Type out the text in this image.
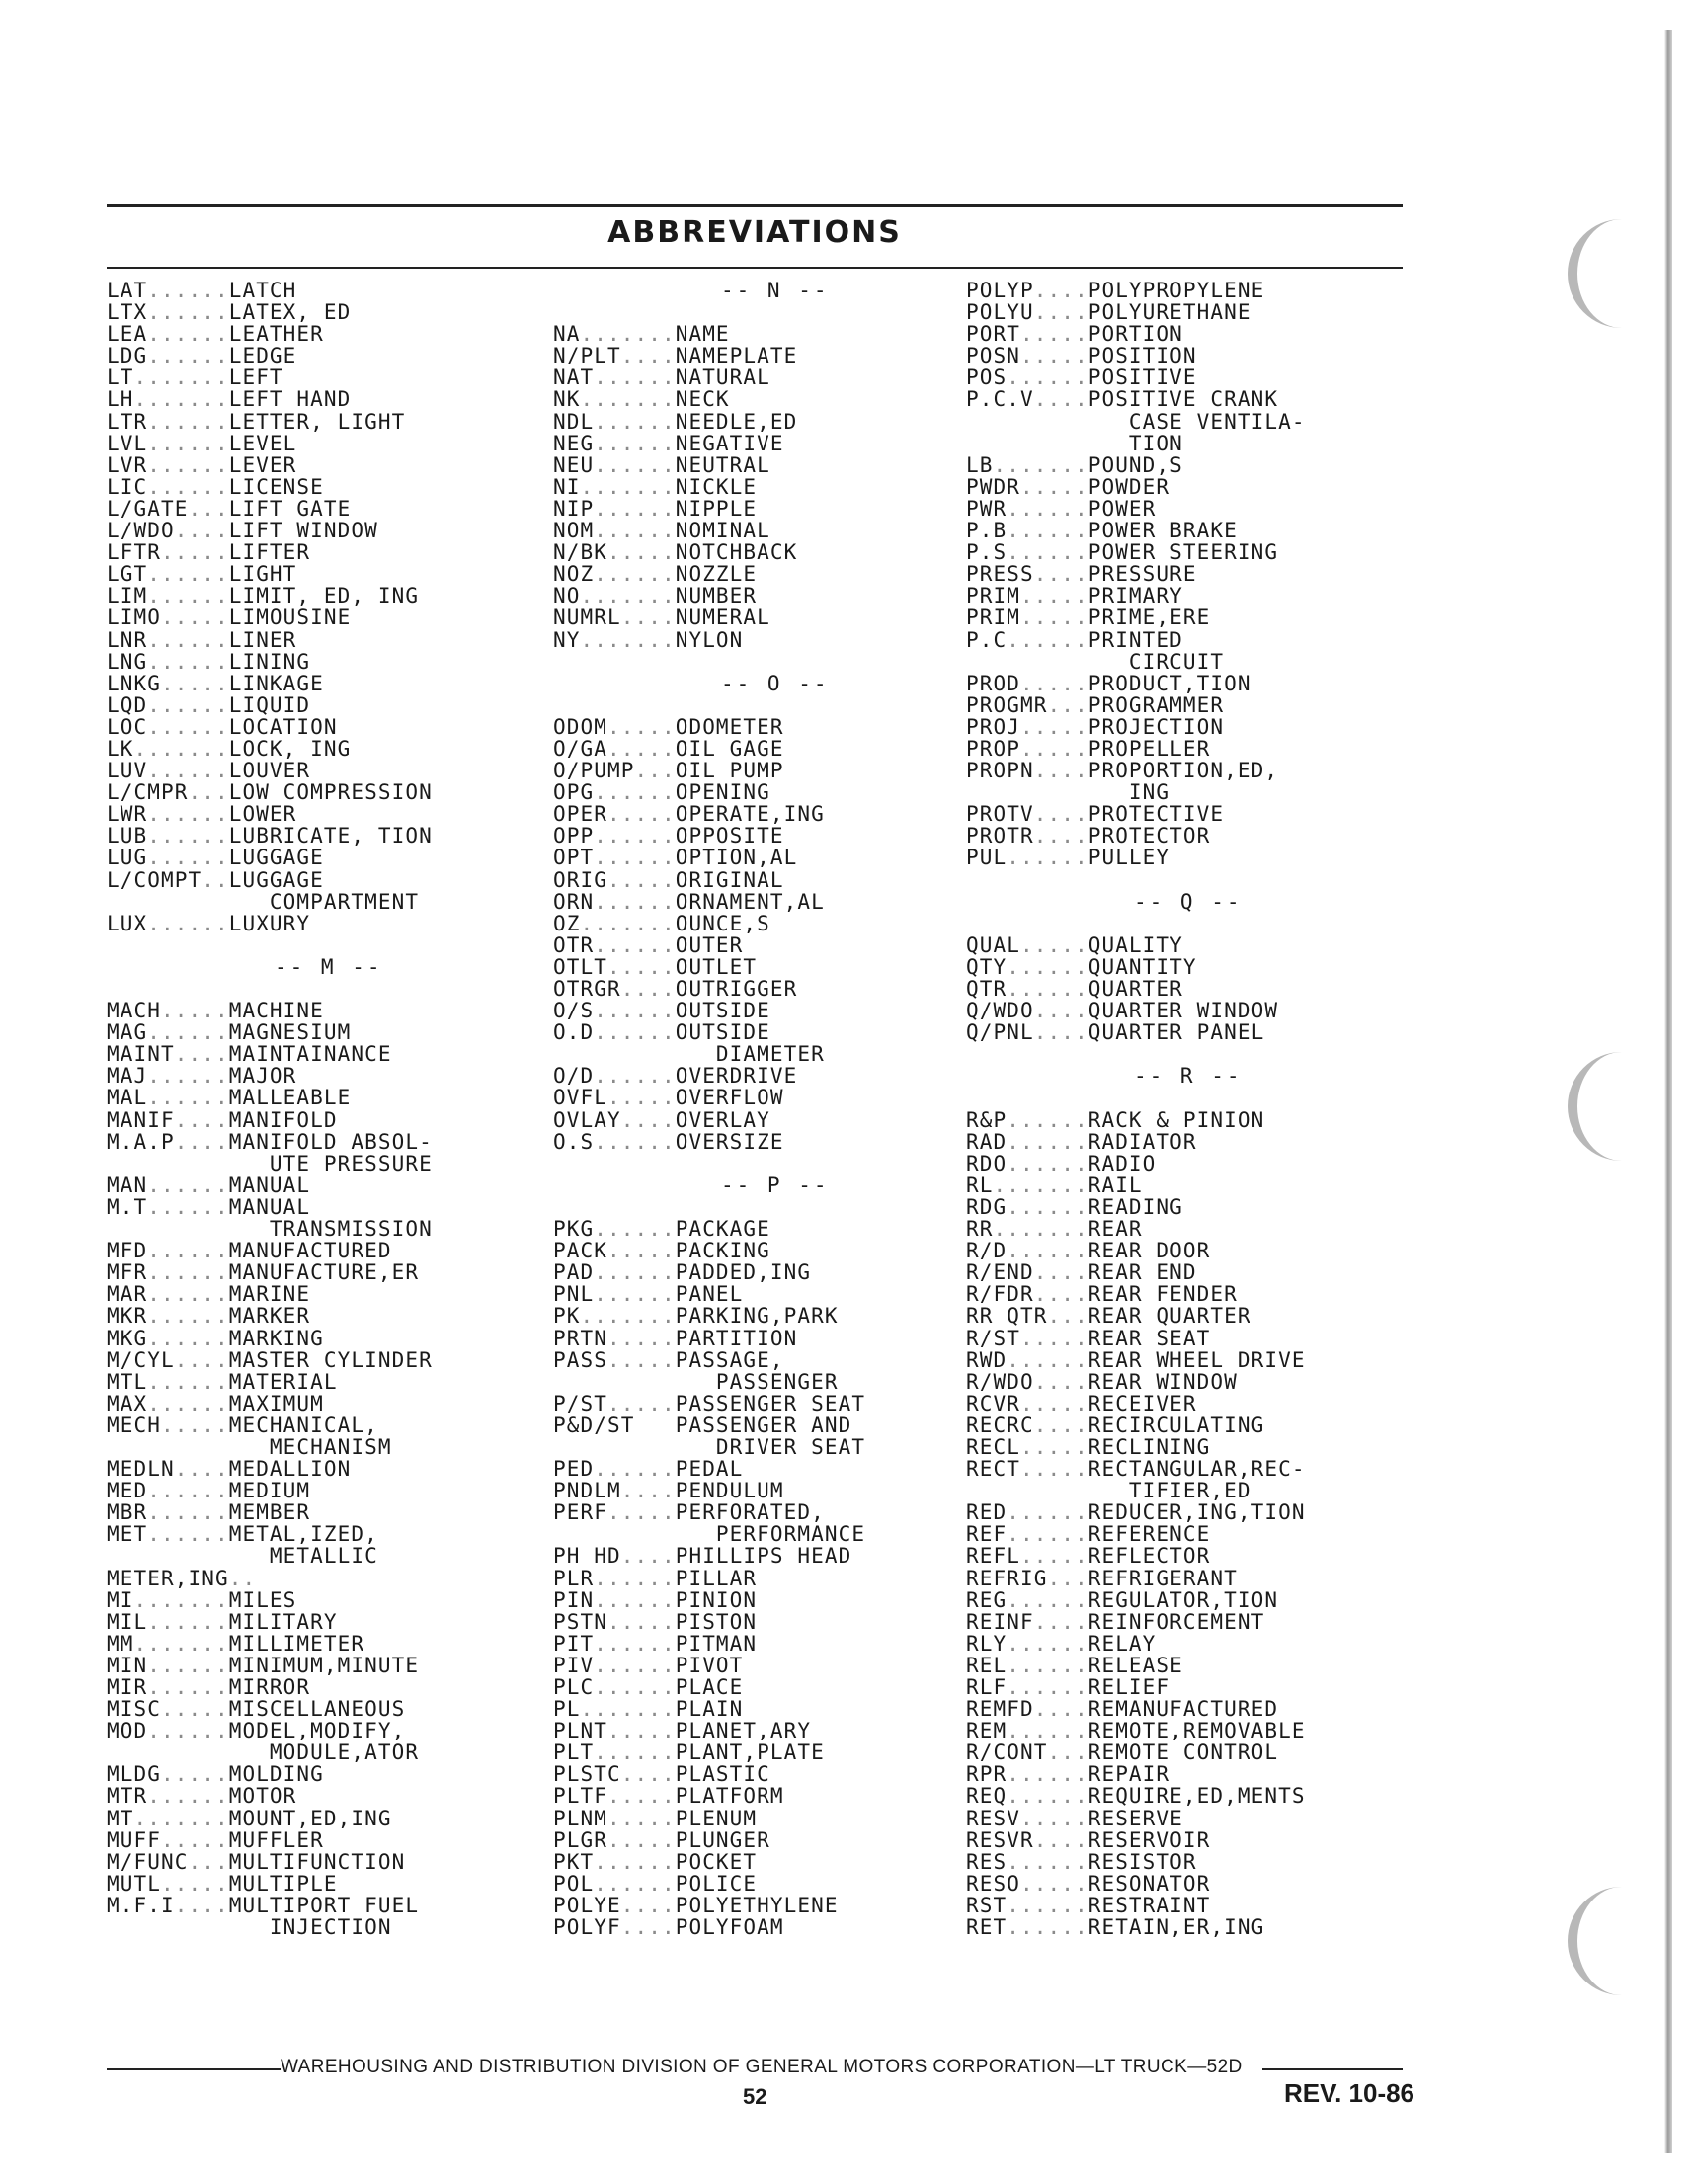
ABBREVIATIONS
LAT......LATCH
LTX......LATEX, ED
LEA......LEATHER
LDG......LEDGE
LT.......LEFT
LH.......LEFT HAND
LTR......LETTER, LIGHT
LVL......LEVEL
LVR......LEVER
LIC......LICENSE
L/GATE...LIFT GATE
L/WDO....LIFT WINDOW
LFTR.....LIFTER
LGT......LIGHT
LIM......LIMIT, ED, ING
LIMO.....LIMOUSINE
LNR......LINER
LNG......LINING
LNKG.....LINKAGE
LQD......LIQUID
LOC......LOCATION
LK.......LOCK, ING
LUV......LOUVER
L/CMPR...LOW COMPRESSION
LWR......LOWER
LUB......LUBRICATE, TION
LUG......LUGGAGE
L/COMPT..LUGGAGE
COMPARTMENT
LUX......LUXURY
-- M --
MACH.....MACHINE
MAG......MAGNESIUM
MAINT....MAINTAINANCE
MAJ......MAJOR
MAL......MALLEABLE
MANIF....MANIFOLD
M.A.P....MANIFOLD ABSOL-
UTE PRESSURE
MAN......MANUAL
M.T......MANUAL
TRANSMISSION
MFD......MANUFACTURED
MFR......MANUFACTURE,ER
MAR......MARINE
MKR......MARKER
MKG......MARKING
M/CYL....MASTER CYLINDER
MTL......MATERIAL
MAX......MAXIMUM
MECH.....MECHANICAL,
MECHANISM
MEDLN....MEDALLION
MED......MEDIUM
MBR......MEMBER
MET......METAL,IZED,
METALLIC
METER,ING..
MI.......MILES
MIL......MILITARY
MM.......MILLIMETER
MIN......MINIMUM,MINUTE
MIR......MIRROR
MISC.....MISCELLANEOUS
MOD......MODEL,MODIFY,
MODULE,ATOR
MLDG.....MOLDING
MTR......MOTOR
MT.......MOUNT,ED,ING
MUFF.....MUFFLER
M/FUNC...MULTIFUNCTION
MUTL.....MULTIPLE
M.F.I....MULTIPORT FUEL
INJECTION
-- N --
NA.......NAME
N/PLT....NAMEPLATE
NAT......NATURAL
NK.......NECK
NDL......NEEDLE,ED
NEG......NEGATIVE
NEU......NEUTRAL
NI.......NICKLE
NIP......NIPPLE
NOM......NOMINAL
N/BK.....NOTCHBACK
NOZ......NOZZLE
NO.......NUMBER
NUMRL....NUMERAL
NY.......NYLON
-- O --
ODOM.....ODOMETER
O/GA.....OIL GAGE
O/PUMP...OIL PUMP
OPG......OPENING
OPER.....OPERATE,ING
OPP......OPPOSITE
OPT......OPTION,AL
ORIG.....ORIGINAL
ORN......ORNAMENT,AL
OZ.......OUNCE,S
OTR......OUTER
OTLT.....OUTLET
OTRGR....OUTRIGGER
O/S......OUTSIDE
O.D......OUTSIDE
DIAMETER
O/D......OVERDRIVE
OVFL.....OVERFLOW
OVLAY....OVERLAY
O.S......OVERSIZE
-- P --
PKG......PACKAGE
PACK.....PACKING
PAD......PADDED,ING
PNL......PANEL
PK.......PARKING,PARK
PRTN.....PARTITION
PASS.....PASSAGE,
PASSENGER
P/ST.....PASSENGER SEAT
P&D/ST PASSENGER AND
DRIVER SEAT
PED......PEDAL
PNDLM....PENDULUM
PERF.....PERFORATED,
PERFORMANCE
PH HD....PHILLIPS HEAD
PLR......PILLAR
PIN......PINION
PSTN.....PISTON
PIT......PITMAN
PIV......PIVOT
PLC......PLACE
PL.......PLAIN
PLNT.....PLANET,ARY
PLT......PLANT,PLATE
PLSTC....PLASTIC
PLTF.....PLATFORM
PLNM.....PLENUM
PLGR.....PLUNGER
PKT......POCKET
POL......POLICE
POLYE....POLYETHYLENE
POLYF....POLYFOAM
POLYP....POLYPROPYLENE
POLYU....POLYURETHANE
PORT.....PORTION
POSN.....POSITION
POS......POSITIVE
P.C.V....POSITIVE CRANK
CASE VENTILA-
TION
LB.......POUND,S
PWDR.....POWDER
PWR......POWER
P.B......POWER BRAKE
P.S......POWER STEERING
PRESS....PRESSURE
PRIM.....PRIMARY
PRIM.....PRIME,ERE
P.C......PRINTED
CIRCUIT
PROD.....PRODUCT,TION
PROGMR...PROGRAMMER
PROJ.....PROJECTION
PROP.....PROPELLER
PROPN....PROPORTION,ED,
ING
PROTV....PROTECTIVE
PROTR....PROTECTOR
PUL......PULLEY
-- Q --
QUAL.....QUALITY
QTY......QUANTITY
QTR......QUARTER
Q/WDO....QUARTER WINDOW
Q/PNL....QUARTER PANEL
-- R --
R&P......RACK & PINION
RAD......RADIATOR
RDO......RADIO
RL.......RAIL
RDG......READING
RR.......REAR
R/D......REAR DOOR
R/END....REAR END
R/FDR....REAR FENDER
RR QTR...REAR QUARTER
R/ST.....REAR SEAT
RWD......REAR WHEEL DRIVE
R/WDO....REAR WINDOW
RCVR.....RECEIVER
RECRC....RECIRCULATING
RECL.....RECLINING
RECT.....RECTANGULAR,REC-
TIFIER,ED
RED......REDUCER,ING,TION
REF......REFERENCE
REFL.....REFLECTOR
REFRIG...REFRIGERANT
REG......REGULATOR,TION
REINF....REINFORCEMENT
RLY......RELAY
REL......RELEASE
RLF......RELIEF
REMFD....REMANUFACTURED
REM......REMOTE,REMOVABLE
R/CONT...REMOTE CONTROL
RPR......REPAIR
REQ......REQUIRE,ED,MENTS
RESV.....RESERVE
RESVR....RESERVOIR
RES......RESISTOR
RESO.....RESONATOR
RST......RESTRAINT
RET......RETAIN,ER,ING
WAREHOUSING AND DISTRIBUTION DIVISION OF GENERAL MOTORS CORPORATION—LT TRUCK—52D
52	REV. 10-86
